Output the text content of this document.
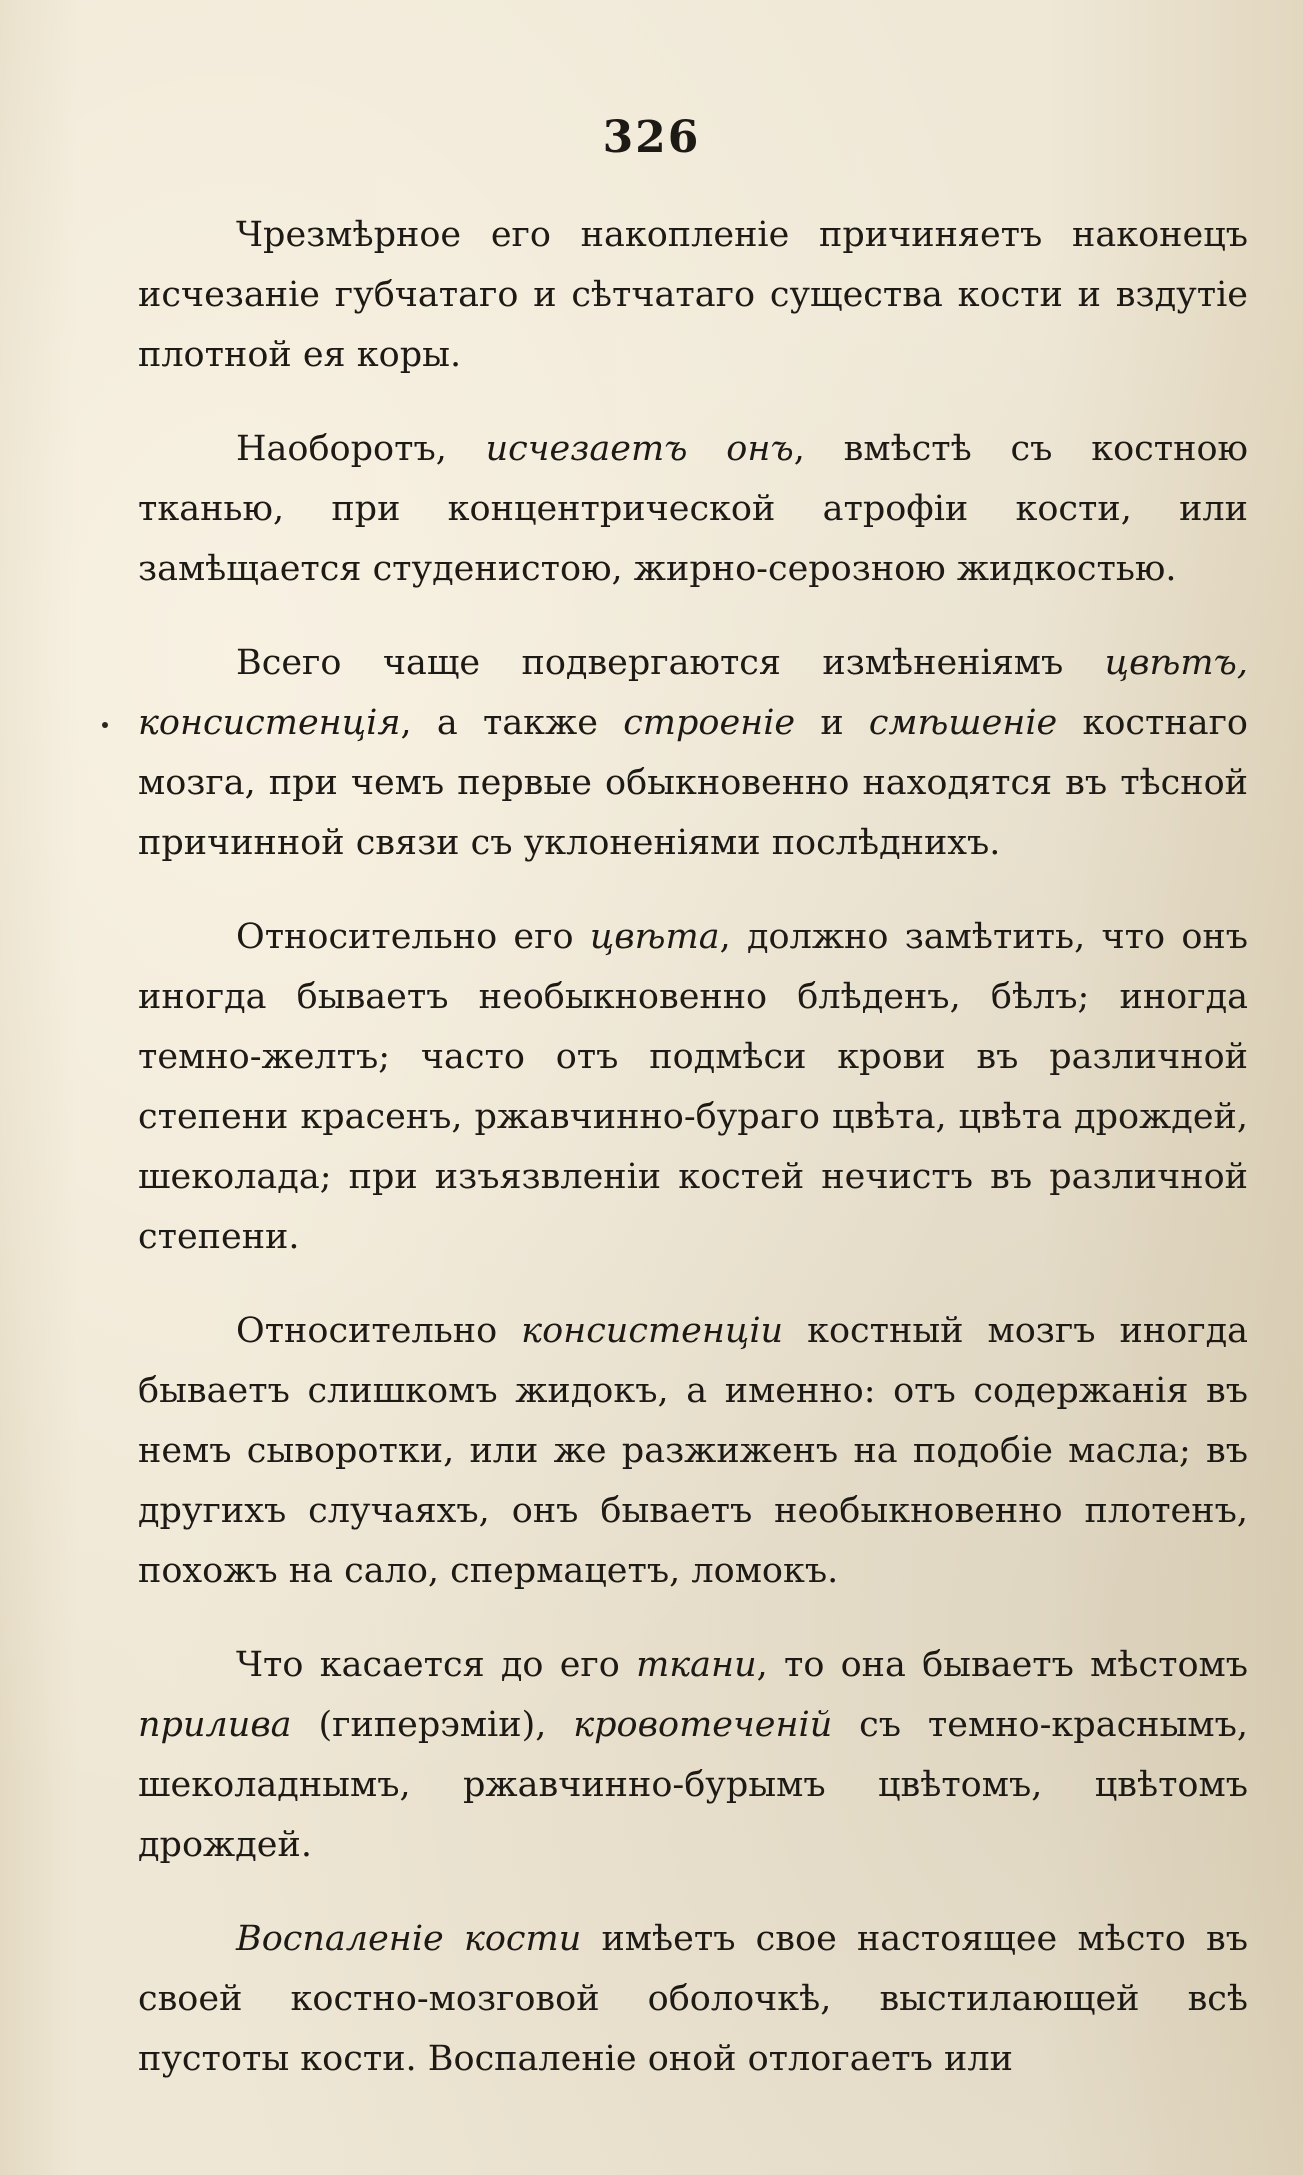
326

Чрезмѣрное его накопленіе причиняетъ наконецъ исчезаніе губчатаго и сѣтчатаго существа кости и вздутіе плотной ея коры.

Наоборотъ, исчезаетъ онъ, вмѣстѣ съ костною тканью, при концентрической атрофіи кости, или замѣщается студенистою, жирно-серозною жидкостью.

Всего чаще подвергаются измѣненіямъ цвѣтъ, консистенція, а также строеніе и смѣшеніе костнаго мозга, при чемъ первые обыкновенно находятся въ тѣсной причинной связи съ уклоненіями послѣднихъ.

Относительно его цвѣта, должно замѣтить, что онъ иногда бываетъ необыкновенно блѣденъ, бѣлъ; иногда темно-желтъ; часто отъ подмѣси крови въ различной степени красенъ, ржавчинно-бураго цвѣта, цвѣта дрождей, шеколада; при изъязвленіи костей нечистъ въ различной степени.

Относительно консистенціи костный мозгъ иногда бываетъ слишкомъ жидокъ, а именно: отъ содержанія въ немъ сыворотки, или же разжиженъ на подобіе масла; въ другихъ случаяхъ, онъ бываетъ необыкновенно плотенъ, похожъ на сало, спермацетъ, ломокъ.

Что касается до его ткани, то она бываетъ мѣстомъ прилива (гиперэміи), кровотеченій съ темно-краснымъ, шеколаднымъ, ржавчинно-бурымъ цвѣтомъ, цвѣтомъ дрождей.

Воспаленіе кости имѣетъ свое настоящее мѣсто въ своей костно-мозговой оболочкѣ, выстилающей всѣ пустоты кости. Воспаленіе оной отлогаетъ или
